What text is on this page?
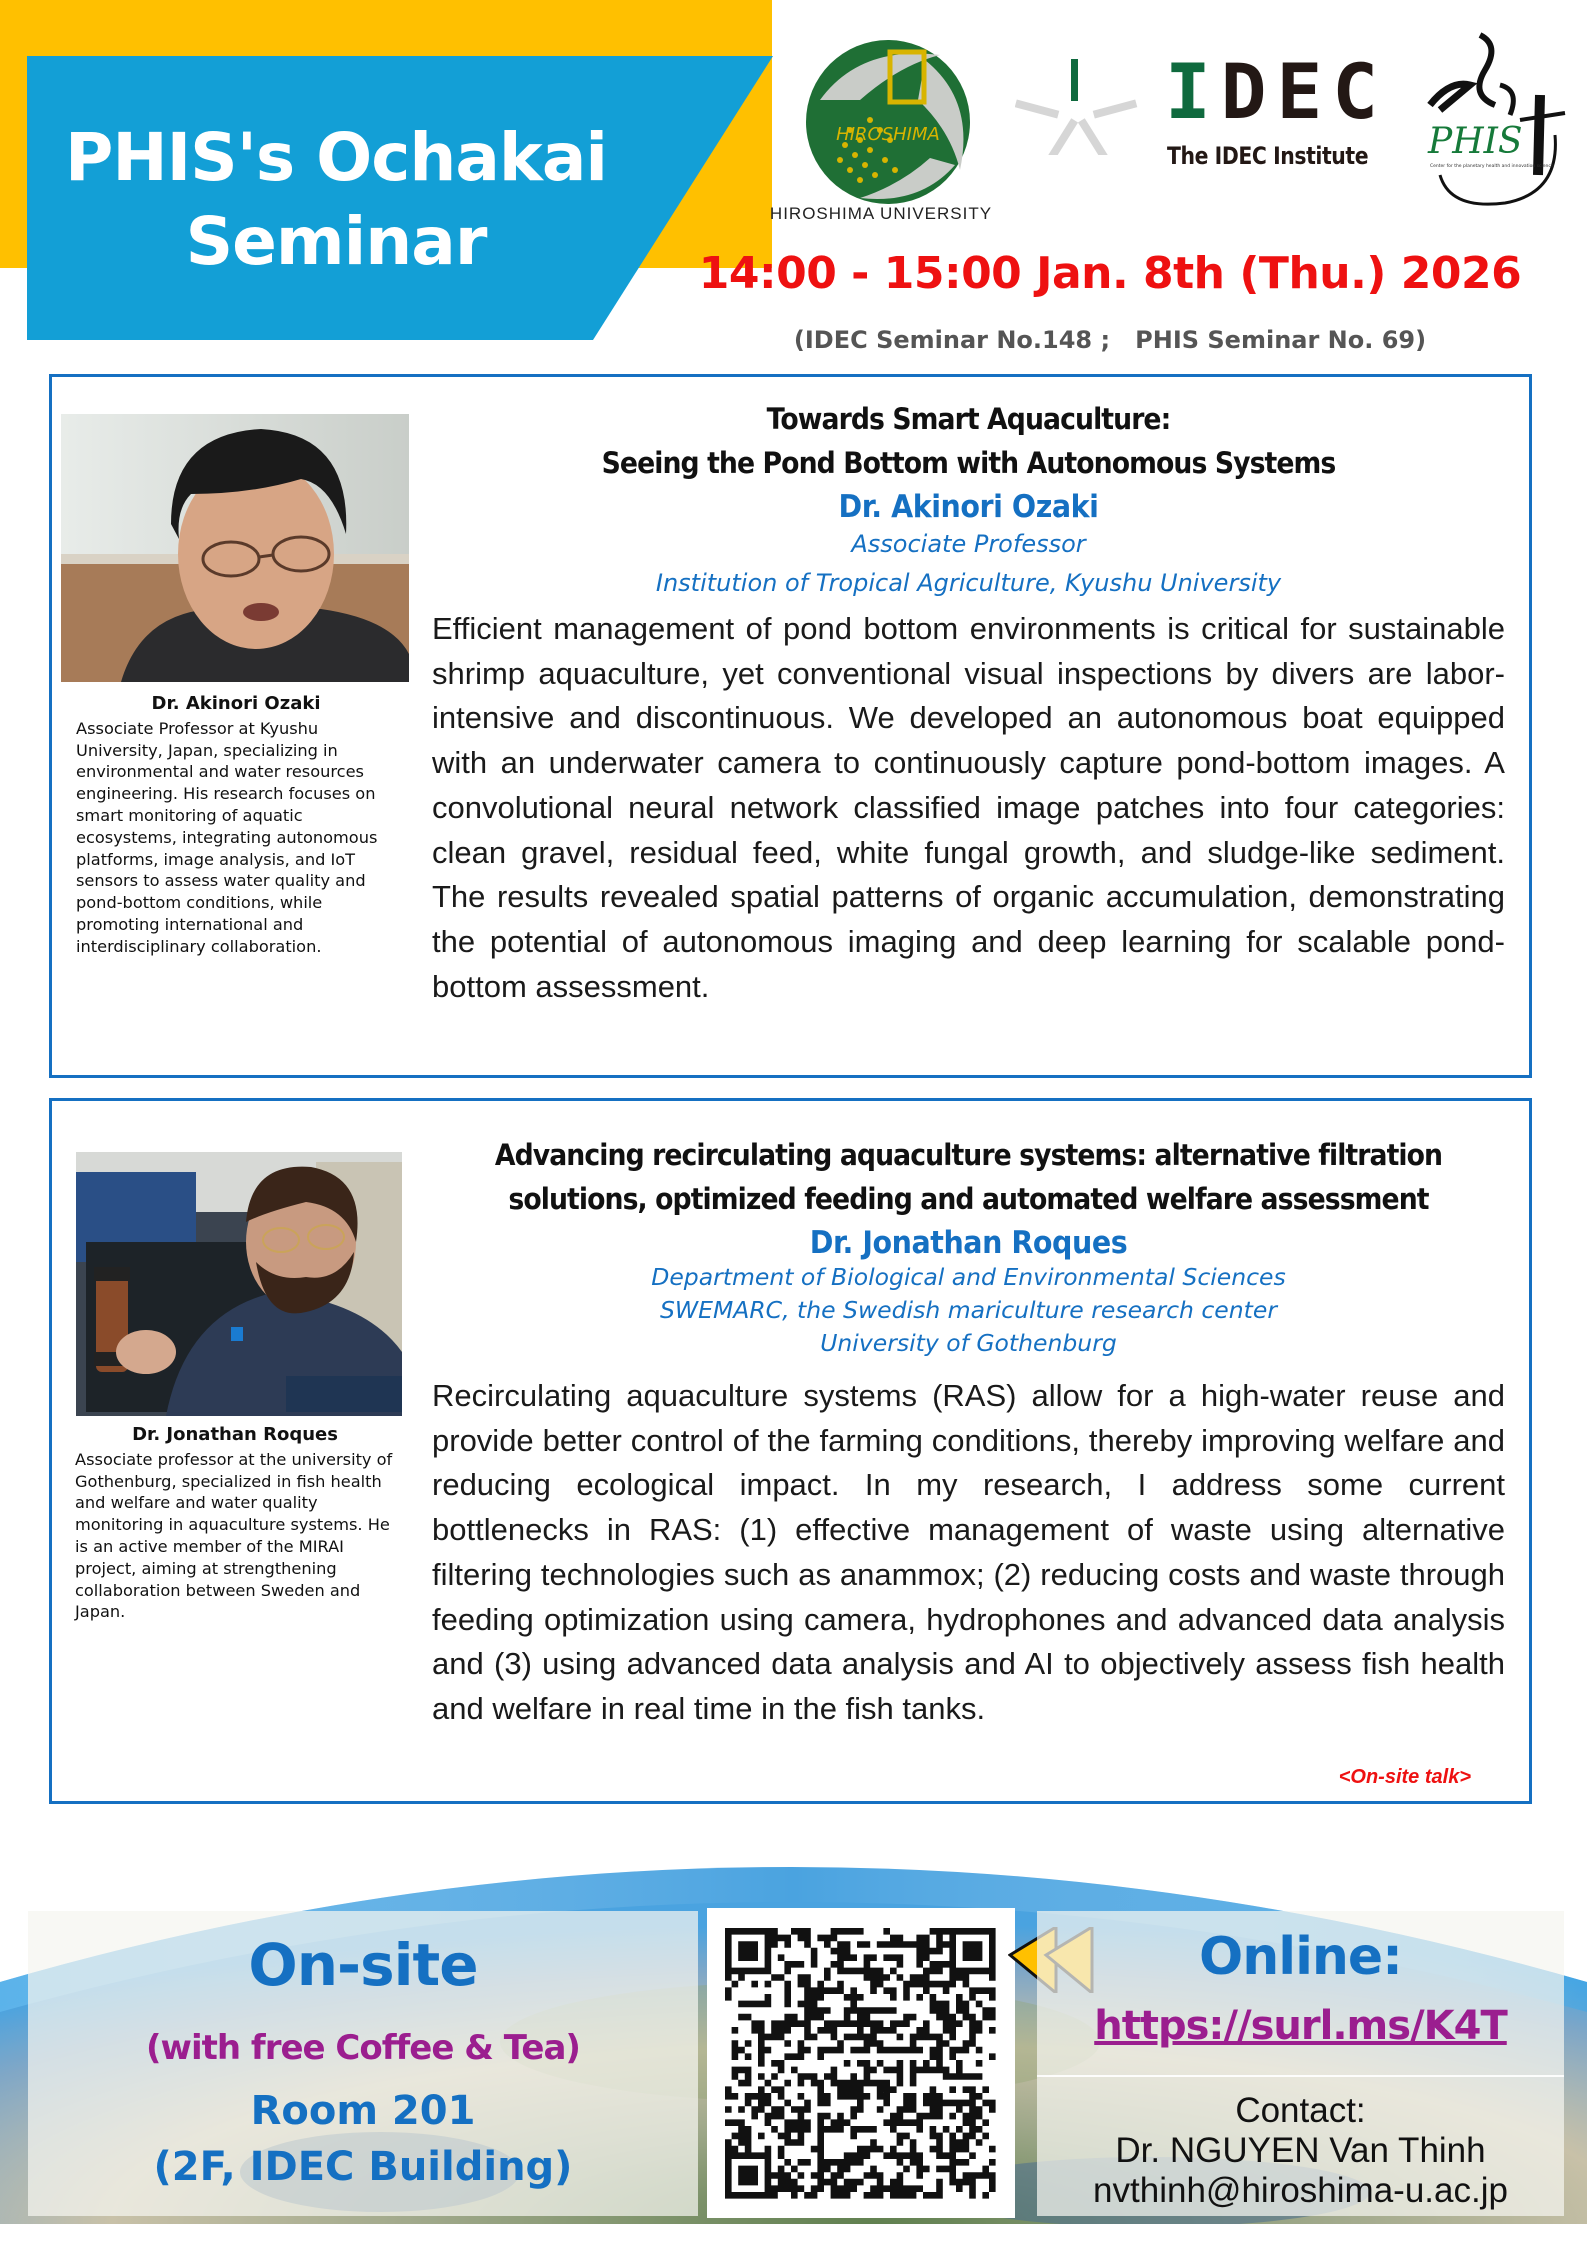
PHIS's Ochakai
Seminar
HIROSHIMA
HIROSHIMA UNIVERSITY
IDEC
The IDEC Institute PHIS
Center for the planetary health and innovation science
14:00 - 15:00 Jan. 8th (Thu.) 2026
(IDEC Seminar No.148 ;   PHIS Seminar No. 69)
Dr. Akinori Ozaki
Associate Professor at Kyushu University, Japan, specializing in environmental and water resources engineering. His research focuses on smart monitoring of aquatic ecosystems, integrating autonomous platforms, image analysis, and IoT sensors to assess water quality and pond-bottom conditions, while promoting international and interdisciplinary collaboration.
Towards Smart Aquaculture:
Seeing the Pond Bottom with Autonomous Systems
Dr. Akinori Ozaki
Associate Professor
Institution of Tropical Agriculture, Kyushu University
Efficient management of pond bottom environments is critical for sustainable shrimp aquaculture, yet conventional visual inspections by divers are labor-intensive and discontinuous. We developed an autonomous boat equipped with an underwater camera to continuously capture pond-bottom images. A convolutional neural network classified image patches into four categories: clean gravel, residual feed, white fungal growth, and sludge-like sediment. The results revealed spatial patterns of organic accumulation, demonstrating the potential of autonomous imaging and deep learning for scalable pond-bottom assessment.
Dr. Jonathan Roques
Associate professor at the university of Gothenburg, specialized in fish health and welfare and water quality monitoring in aquaculture systems. He is an active member of the MIRAI project, aiming at strengthening collaboration between Sweden and Japan.
Advancing recirculating aquaculture systems: alternative filtration
solutions, optimized feeding and automated welfare assessment
Dr. Jonathan Roques
Department of Biological and Environmental Sciences
SWEMARC, the Swedish mariculture research center
University of Gothenburg
Recirculating aquaculture systems (RAS) allow for a high-water reuse and provide better control of the farming conditions, thereby improving welfare and reducing ecological impact. In my research, I address some current bottlenecks in RAS: (1) effective management of waste using alternative filtering technologies such as anammox; (2) reducing costs and waste through feeding optimization using camera, hydrophones and advanced data analysis and (3) using advanced data analysis and AI to objectively assess fish health and welfare in real time in the fish tanks.
<On-site talk>
On-site
(with free Coffee & Tea)
Room 201
(2F, IDEC Building)
Online:
https://surl.ms/K4T
Contact:
Dr. NGUYEN Van Thinh
nvthinh@hiroshima-u.ac.jp
